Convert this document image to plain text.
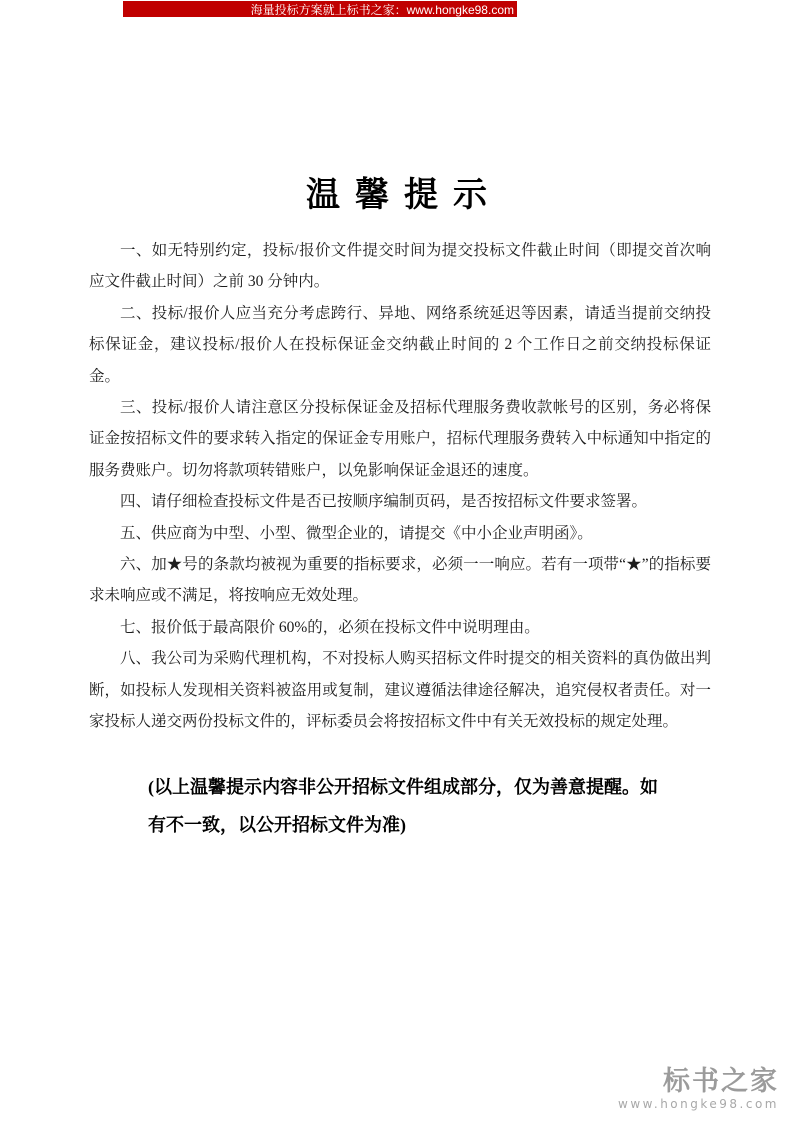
海量投标方案就上标书之家：www.hongke98.com
温馨提示

一、如无特别约定，投标/报价文件提交时间为提交投标文件截止时间（即提交首次响应文件截止时间）之前 30 分钟内。

二、投标/报价人应当充分考虑跨行、异地、网络系统延迟等因素，请适当提前交纳投标保证金，建议投标/报价人在投标保证金交纳截止时间的 2 个工作日之前交纳投标保证金。

三、投标/报价人请注意区分投标保证金及招标代理服务费收款帐号的区别，务必将保证金按招标文件的要求转入指定的保证金专用账户，招标代理服务费转入中标通知中指定的服务费账户。切勿将款项转错账户，以免影响保证金退还的速度。

四、请仔细检查投标文件是否已按顺序编制页码，是否按招标文件要求签署。

五、供应商为中型、小型、微型企业的，请提交《中小企业声明函》。

六、加★号的条款均被视为重要的指标要求，必须一一响应。若有一项带“★”的指标要求未响应或不满足，将按响应无效处理。

七、报价低于最高限价 60%的，必须在投标文件中说明理由。

八、我公司为采购代理机构，不对投标人购买招标文件时提交的相关资料的真伪做出判断，如投标人发现相关资料被盗用或复制，建议遵循法律途径解决，追究侵权者责任。对一家投标人递交两份投标文件的，评标委员会将按招标文件中有关无效投标的规定处理。

(以上温馨提示内容非公开招标文件组成部分，仅为善意提醒。如有不一致，以公开招标文件为准)
标书之家
www.hongke98.com
